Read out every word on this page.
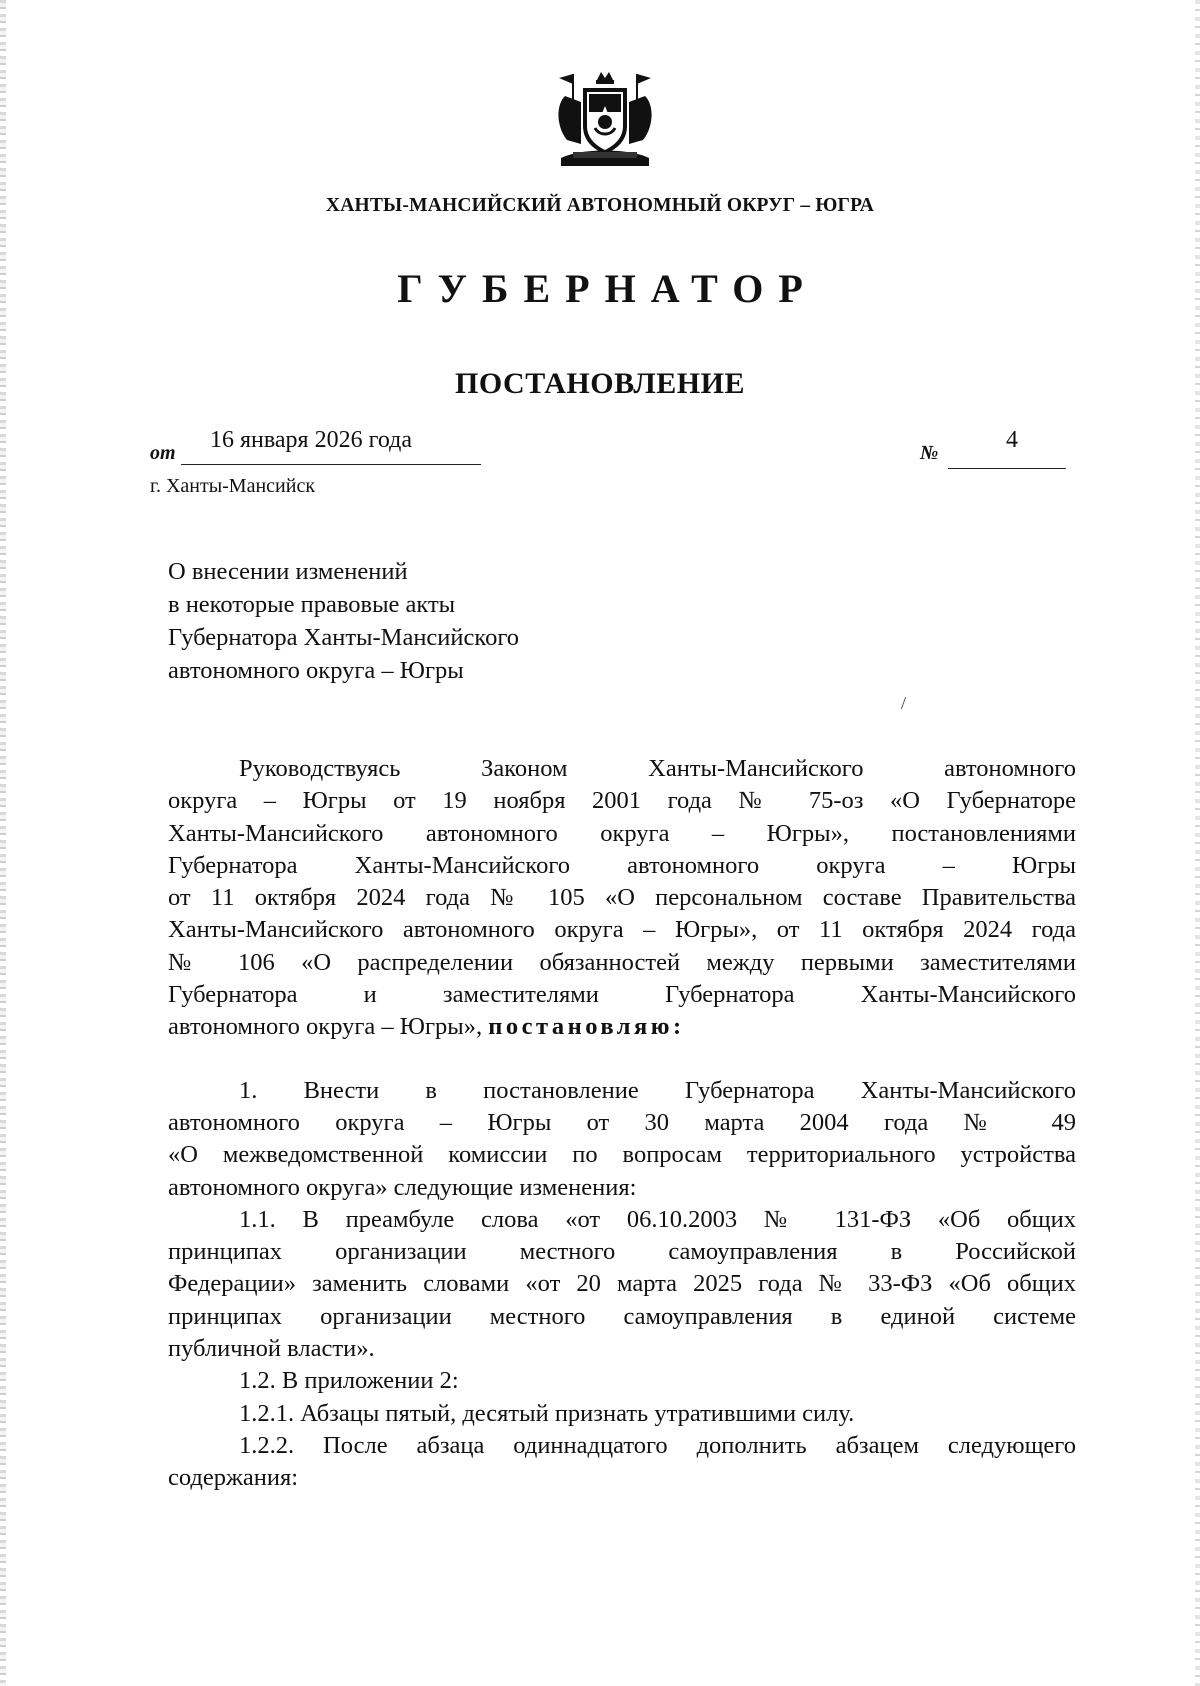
ХАНТЫ-МАНСИЙСКИЙ АВТОНОМНЫЙ ОКРУГ – ЮГРА
ГУБЕРНАТОР
ПОСТАНОВЛЕНИЕ
от 16 января 2026 года	№	4
г. Ханты-Мансийск
О внесении изменений
в некоторые правовые акты
Губернатора Ханты-Мансийского
автономного округа – Югры
Руководствуясь Законом Ханты-Мансийского автономного
округа – Югры от 19 ноября 2001 года № 75-оз «О Губернаторе
Ханты-Мансийского автономного округа – Югры», постановлениями
Губернатора Ханты-Мансийского автономного округа – Югры
от 11 октября 2024 года № 105 «О персональном составе Правительства
Ханты-Мансийского автономного округа – Югры», от 11 октября 2024 года
№ 106 «О распределении обязанностей между первыми заместителями
Губернатора и заместителями Губернатора Ханты-Мансийского
автономного округа – Югры», постановляю:
1. Внести в постановление Губернатора Ханты-Мансийского
автономного округа – Югры от 30 марта 2004 года № 49
«О межведомственной комиссии по вопросам территориального устройства
автономного округа» следующие изменения:
1.1. В преамбуле слова «от 06.10.2003 № 131-ФЗ «Об общих
принципах организации местного самоуправления в Российской
Федерации» заменить словами «от 20 марта 2025 года № 33-ФЗ «Об общих
принципах организации местного самоуправления в единой системе
публичной власти».
1.2. В приложении 2:
1.2.1. Абзацы пятый, десятый признать утратившими силу.
1.2.2. После абзаца одиннадцатого дополнить абзацем следующего
содержания:
